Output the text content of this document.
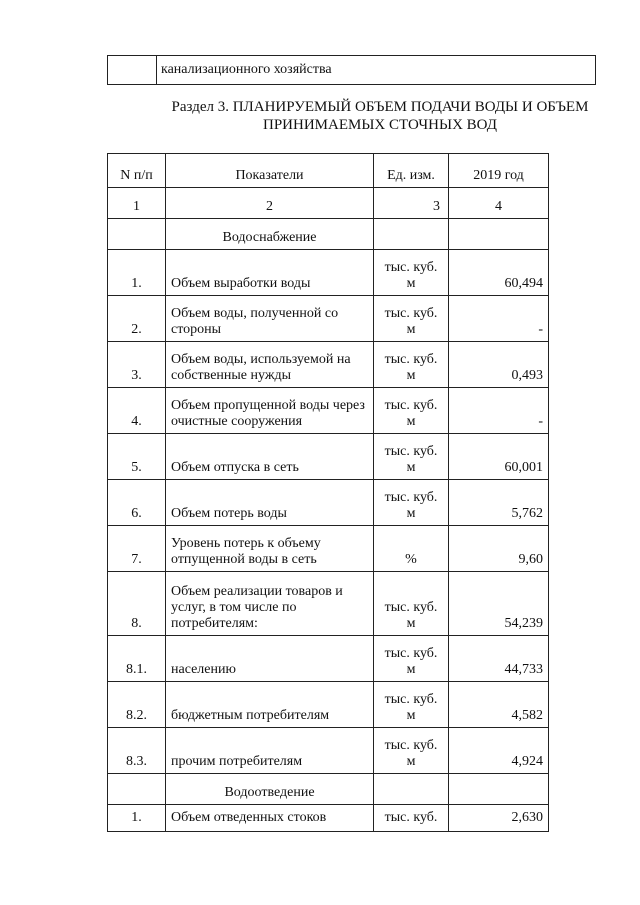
	канализационного хозяйства
Раздел 3. ПЛАНИРУЕМЫЙ ОБЪЕМ ПОДАЧИ ВОДЫ И ОБЪЕМ
ПРИНИМАЕМЫХ СТОЧНЫХ ВОД
N п/п	Показатели	Ед. изм.	2019 год
1	2	3	4
	Водоснабжение		
1.	Объем выработки воды	тыс. куб. м	60,494
2.	Объем воды, полученной со стороны	тыс. куб. м	-
3.	Объем воды, используемой на собственные нужды	тыс. куб. м	0,493
4.	Объем пропущенной воды через очистные сооружения	тыс. куб. м	-
5.	Объем отпуска в сеть	тыс. куб. м	60,001
6.	Объем потерь воды	тыс. куб. м	5,762
7.	Уровень потерь к объему отпущенной воды в сеть	%	9,60
8.	Объем реализации товаров и услуг, в том числе по потребителям:	тыс. куб. м	54,239
8.1.	населению	тыс. куб. м	44,733
8.2.	бюджетным потребителям	тыс. куб. м	4,582
8.3.	прочим потребителям	тыс. куб. м	4,924
	Водоотведение		
1.	Объем отведенных стоков	тыс. куб.	2,630
